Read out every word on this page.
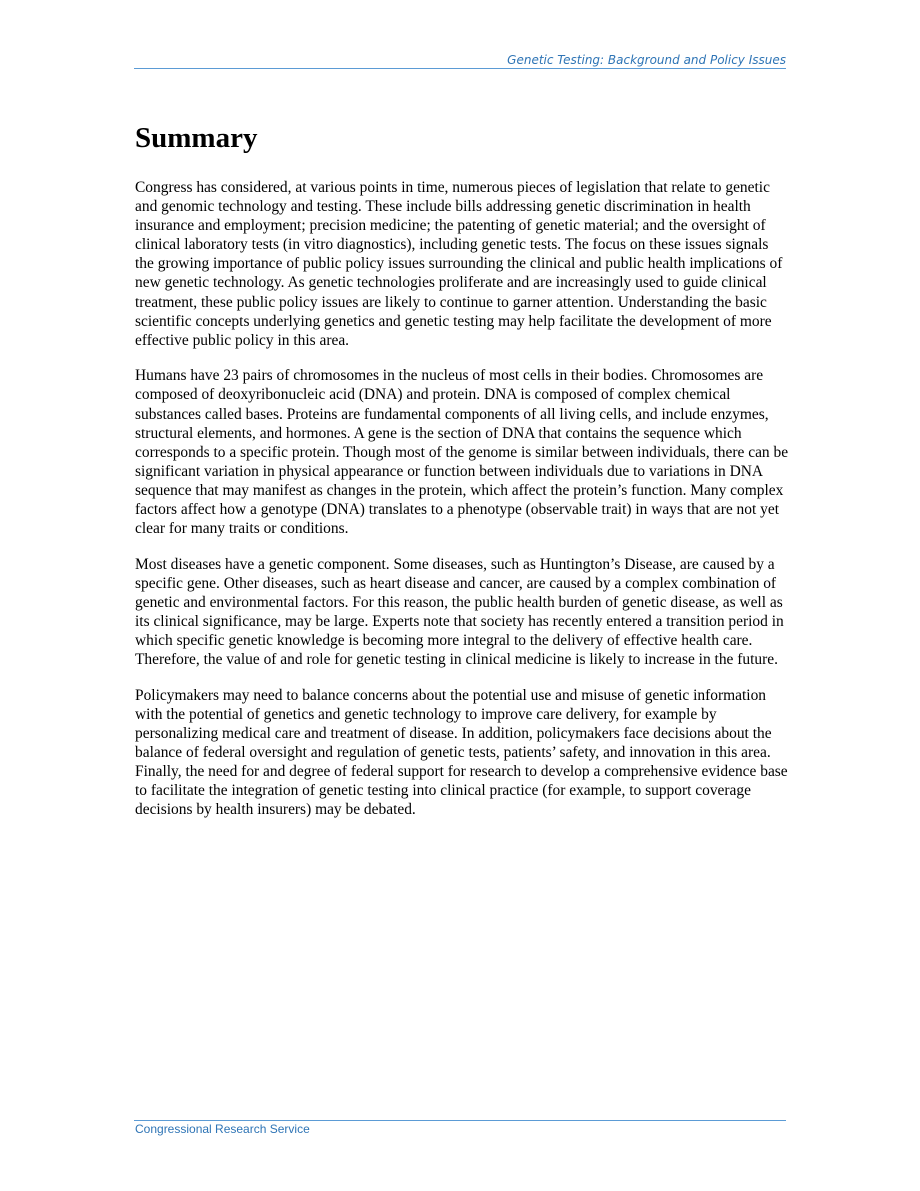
Genetic Testing: Background and Policy Issues
Summary

Congress has considered, at various points in time, numerous pieces of legislation that relate to genetic and genomic technology and testing. These include bills addressing genetic discrimination in health insurance and employment; precision medicine; the patenting of genetic material; and the oversight of clinical laboratory tests (in vitro diagnostics), including genetic tests. The focus on these issues signals the growing importance of public policy issues surrounding the clinical and public health implications of new genetic technology. As genetic technologies proliferate and are increasingly used to guide clinical treatment, these public policy issues are likely to continue to garner attention. Understanding the basic scientific concepts underlying genetics and genetic testing may help facilitate the development of more effective public policy in this area.

Humans have 23 pairs of chromosomes in the nucleus of most cells in their bodies. Chromosomes are composed of deoxyribonucleic acid (DNA) and protein. DNA is composed of complex chemical substances called bases. Proteins are fundamental components of all living cells, and include enzymes, structural elements, and hormones. A gene is the section of DNA that contains the sequence which corresponds to a specific protein. Though most of the genome is similar between individuals, there can be significant variation in physical appearance or function between individuals due to variations in DNA sequence that may manifest as changes in the protein, which affect the protein’s function. Many complex factors affect how a genotype (DNA) translates to a phenotype (observable trait) in ways that are not yet clear for many traits or conditions.

Most diseases have a genetic component. Some diseases, such as Huntington’s Disease, are caused by a specific gene. Other diseases, such as heart disease and cancer, are caused by a complex combination of genetic and environmental factors. For this reason, the public health burden of genetic disease, as well as its clinical significance, may be large. Experts note that society has recently entered a transition period in which specific genetic knowledge is becoming more integral to the delivery of effective health care. Therefore, the value of and role for genetic testing in clinical medicine is likely to increase in the future.

Policymakers may need to balance concerns about the potential use and misuse of genetic information with the potential of genetics and genetic technology to improve care delivery, for example by personalizing medical care and treatment of disease. In addition, policymakers face decisions about the balance of federal oversight and regulation of genetic tests, patients’ safety, and innovation in this area. Finally, the need for and degree of federal support for research to develop a comprehensive evidence base to facilitate the integration of genetic testing into clinical practice (for example, to support coverage decisions by health insurers) may be debated.

Congressional Research Service
